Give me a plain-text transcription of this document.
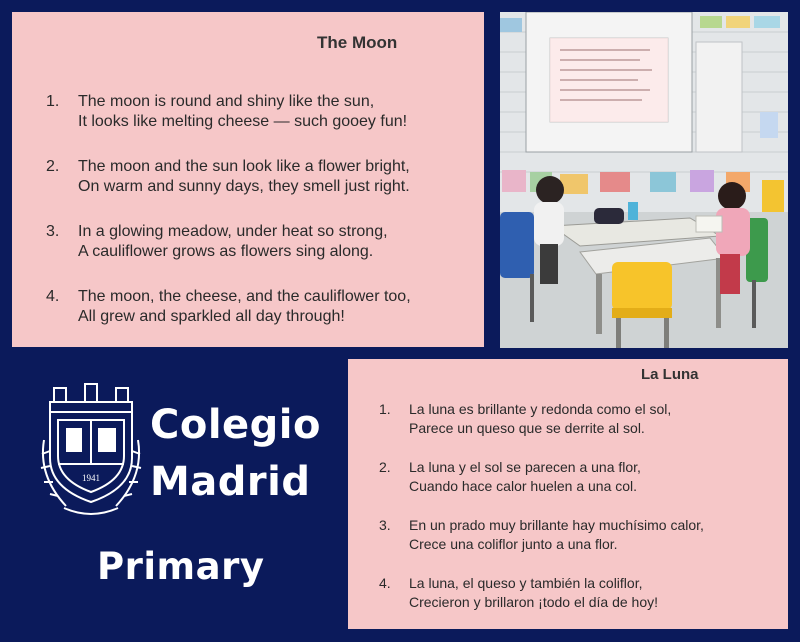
The Moon
1.	The moon is round and shiny like the sun,
It looks like melting cheese — such gooey fun!
2.	The moon and the sun look like a flower bright,
On warm and sunny days, they smell just right.
3.	In a glowing meadow, under heat so strong,
A cauliflower grows as flowers sing along.
4.	The moon, the cheese, and the cauliflower too,
All grew and sparkled all day through!
1941
Colegio
Madrid
Primary
La Luna
1.	La luna es brillante y redonda como el sol,
Parece un queso que se derrite al sol.
2.	La luna y el sol se parecen a una flor,
Cuando hace calor huelen a una col.
3.	En un prado muy brillante hay muchísimo calor,
Crece una coliflor junto a una flor.
4.	La luna, el queso y también la coliflor,
Crecieron y brillaron ¡todo el día de hoy!
